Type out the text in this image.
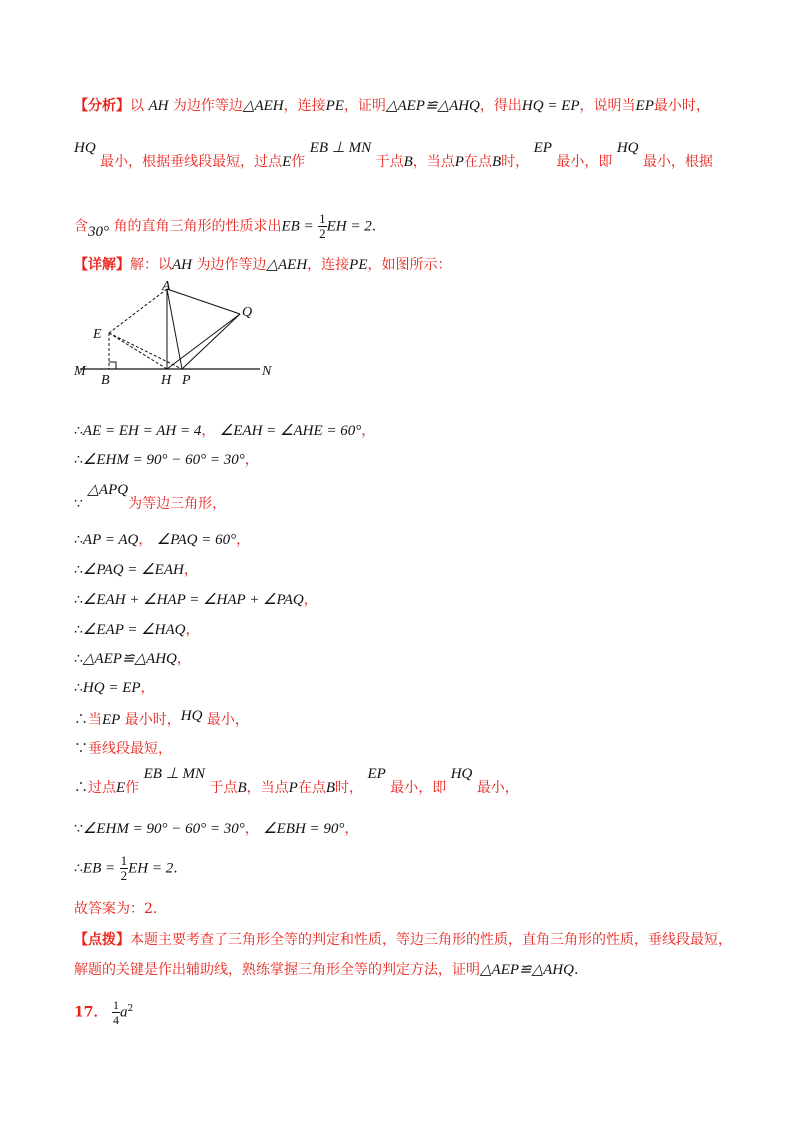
【分析】以 AH 为边作等边△AEH，连接PE，证明△AEP≌△AHQ，得出HQ = EP，说明当EP最小时，
HQ 最小，根据垂线段最短，过点E作 EB ⊥ MN 于点B，当点P在点B时， EP 最小，即 HQ 最小，根据
含30° 角的直角三角形的性质求出EB = $\frac{1}{2}$ EH = 2.
【详解】解：以AH 为边作等边△AEH，连接PE，如图所示：
A
Q
E
M
B	H P
N
∴AE = EH = AH = 4， ∠EAH = ∠AHE = 60°，
∴∠EHM = 90° − 60° = 30°，
∵ △APQ为等边三角形，
∴AP = AQ， ∠PAQ = 60°，
∴∠PAQ = ∠EAH，
∴∠EAH + ∠HAP = ∠HAP + ∠PAQ，
∴∠EAP = ∠HAQ，
∴△AEP≌△AHQ，
∴HQ = EP，
∴当EP 最小时，HQ 最小，
∵垂线段最短，
∴过点E作 EB ⊥ MN 于点B，当点P在点B时， EP 最小，即 HQ 最小，
∵∠EHM = 90° − 60° = 30°， ∠EBH = 90°，
∴EB = $\frac{1}{2}$ EH = 2.
故答案为：2.
【点拨】本题主要考查了三角形全等的判定和性质，等边三角形的性质，直角三角形的性质，垂线段最短，
解题的关键是作出辅助线，熟练掌握三角形全等的判定方法，证明△AEP≌△AHQ.
17． $\frac{1}{4} a^2$
